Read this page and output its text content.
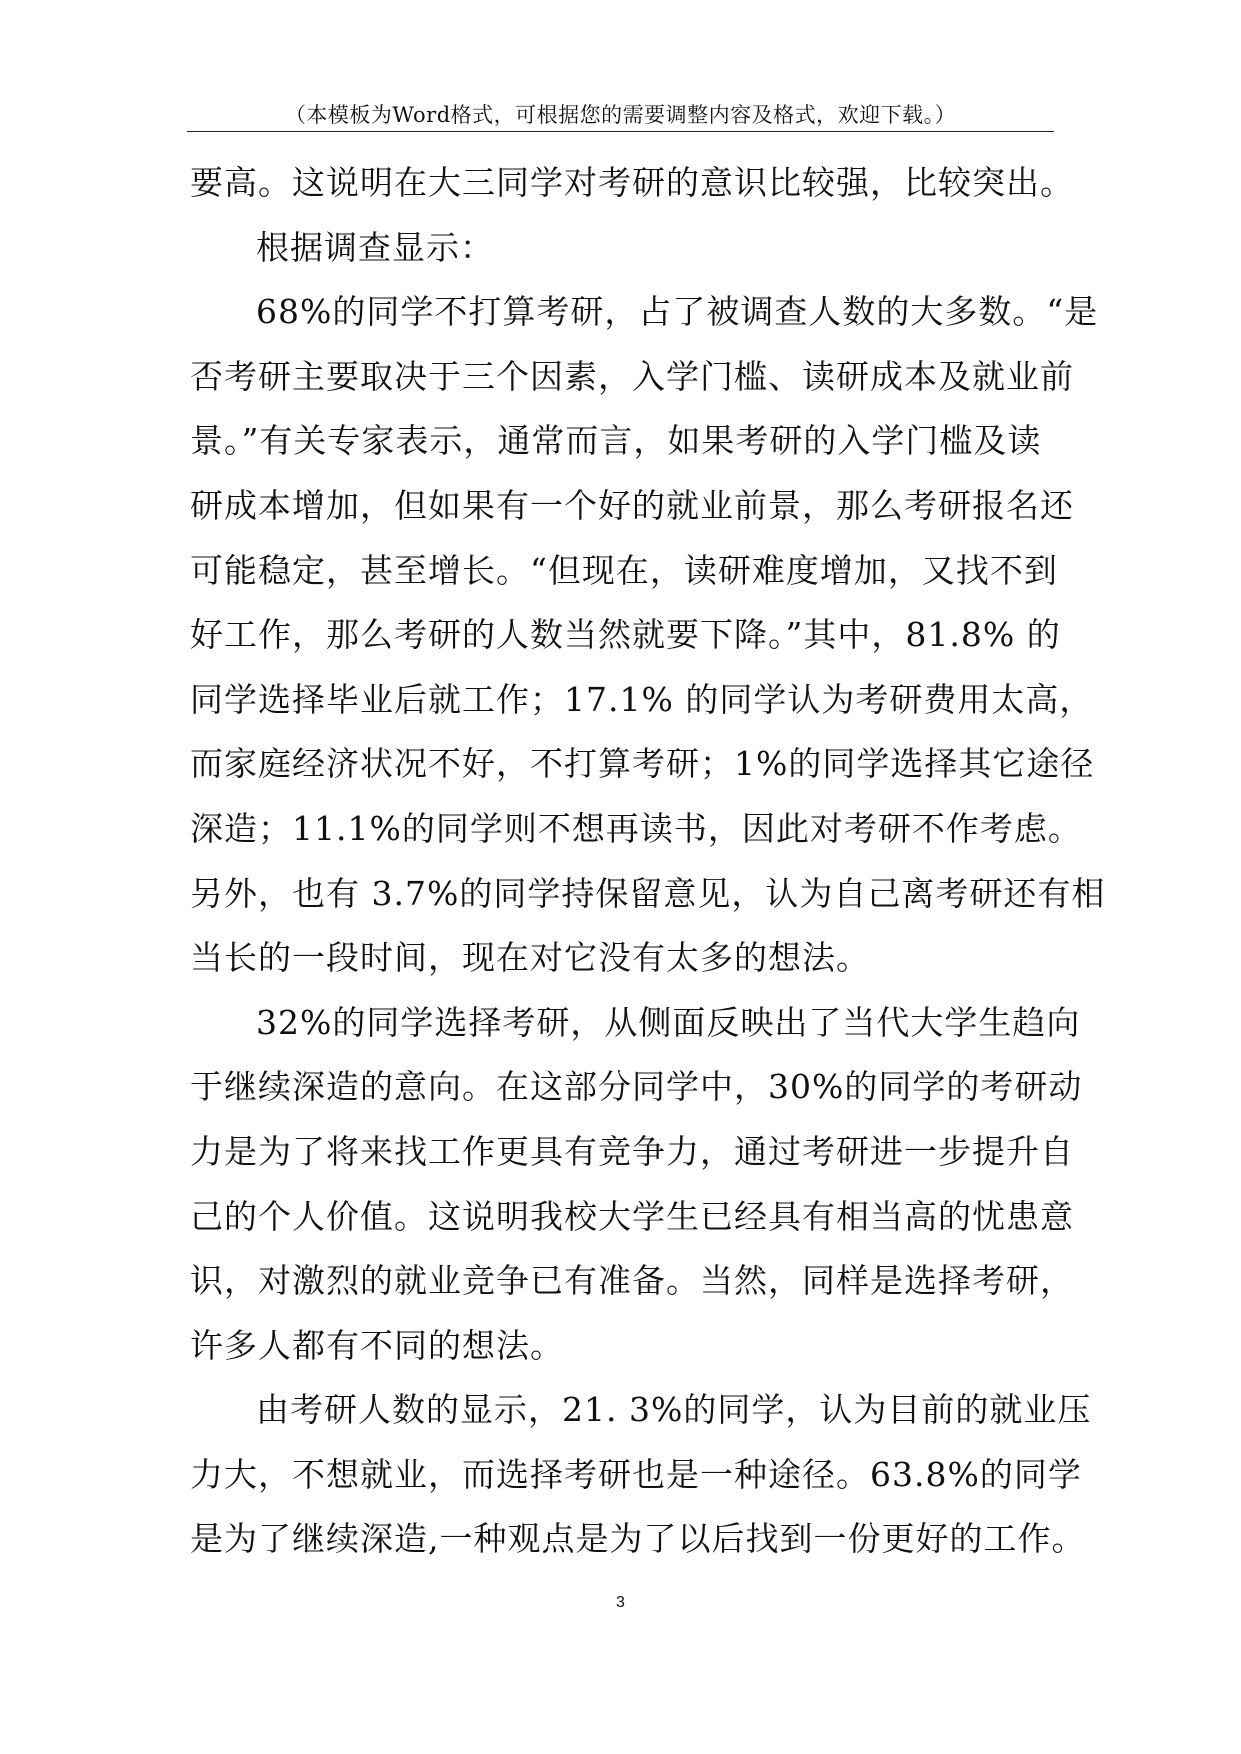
（本模板为Word格式，可根据您的需要调整内容及格式，欢迎下载。）
要高。这说明在大三同学对考研的意识比较强，比较突出。
根据调查显示：
68%的同学不打算考研，占了被调查人数的大多数。“是
否考研主要取决于三个因素，入学门槛、读研成本及就业前
景。”有关专家表示，通常而言，如果考研的入学门槛及读
研成本增加，但如果有一个好的就业前景，那么考研报名还
可能稳定，甚至增长。“但现在，读研难度增加，又找不到
好工作，那么考研的人数当然就要下降。”其中，81.8% 的
同学选择毕业后就工作；17.1% 的同学认为考研费用太高，
而家庭经济状况不好，不打算考研；1%的同学选择其它途径
深造；11.1%的同学则不想再读书，因此对考研不作考虑。
另外，也有 3.7%的同学持保留意见，认为自己离考研还有相
当长的一段时间，现在对它没有太多的想法。
32%的同学选择考研，从侧面反映出了当代大学生趋向
于继续深造的意向。在这部分同学中，30%的同学的考研动
力是为了将来找工作更具有竞争力，通过考研进一步提升自
己的个人价值。这说明我校大学生已经具有相当高的忧患意
识，对激烈的就业竞争已有准备。当然，同样是选择考研，
许多人都有不同的想法。
由考研人数的显示，21. 3%的同学，认为目前的就业压
力大，不想就业，而选择考研也是一种途径。63.8%的同学
是为了继续深造,一种观点是为了以后找到一份更好的工作。
3
